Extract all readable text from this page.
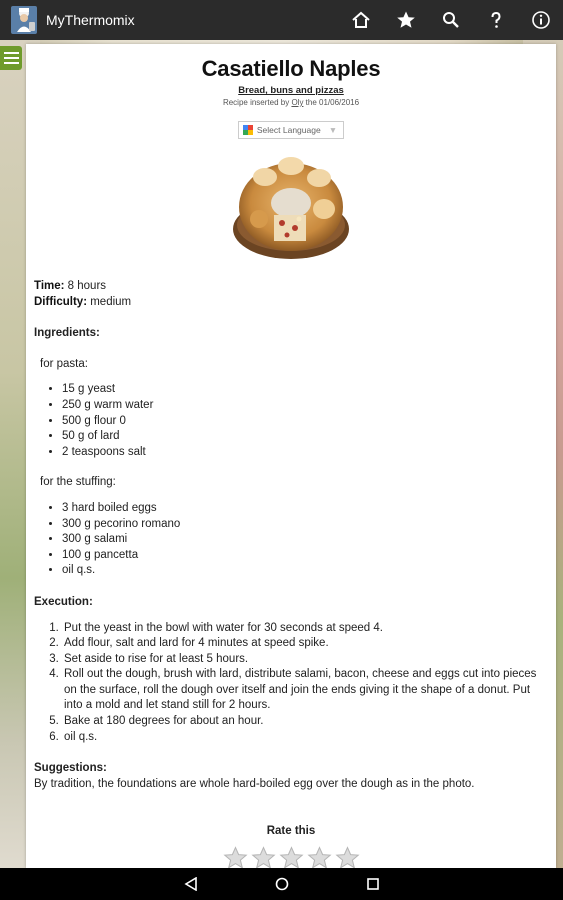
MyThermomix
Casatiello Naples
Bread, buns and pizzas
Recipe inserted by Oly the 01/06/2016
Select Language ▼
Time: 8 hours
Difficulty: medium
Ingredients:
for pasta:
• 15 g yeast
• 250 g warm water
• 500 g flour 0
• 50 g of lard
• 2 teaspoons salt
for the stuffing:
• 3 hard boiled eggs
• 300 g pecorino romano
• 300 g salami
• 100 g pancetta
• oil q.s.
Execution:
1. Put the yeast in the bowl with water for 30 seconds at speed 4.
2. Add flour, salt and lard for 4 minutes at speed spike.
3. Set aside to rise for at least 5 hours.
4. Roll out the dough, brush with lard, distribute salami, bacon, cheese and eggs cut into pieces on the surface, roll the dough over itself and join the ends giving it the shape of a donut. Put into a mold and let stand still for 2 hours.
5. Bake at 180 degrees for about an hour.
6. oil q.s.
Suggestions:
By tradition, the foundations are whole hard-boiled egg over the dough as in the photo.
Rate this
